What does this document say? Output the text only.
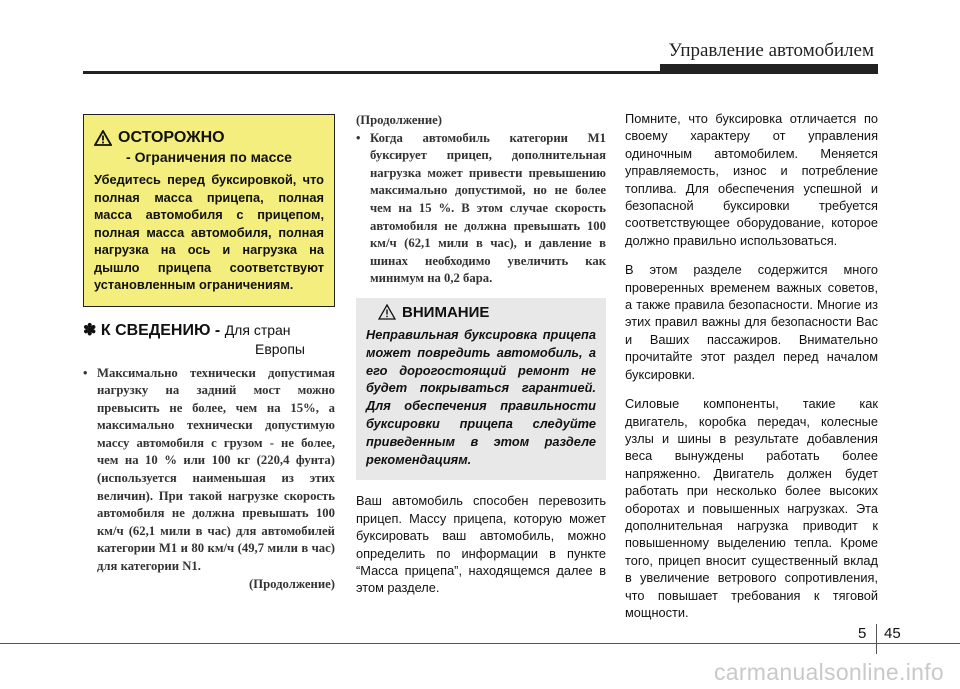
Управление автомобилем
ОСТОРОЖНО
- Ограничения по массе
Убедитесь перед буксировкой, что полная масса прицепа, полная масса автомобиля с прицепом, полная масса автомобиля, полная нагрузка на ось и нагрузка на дышло прицепа соответствуют установленным ограничениям.
✽ К СВЕДЕНИЮ - Для стран
Европы
• Максимально технически допустимая нагрузку на задний мост можно превысить не более, чем на 15%, а максимально технически допустимую массу автомобиля с грузом - не более, чем на 10 % или 100 кг (220,4 фунта) (используется наименьшая из этих величин). При такой нагрузке скорость автомобиля не должна превышать 100 км/ч (62,1 мили в час) для автомобилей категории M1 и 80 км/ч (49,7 мили в час) для категории N1.
(Продолжение)
(Продолжение)
• Когда автомобиль категории M1 буксирует прицеп, дополнительная нагрузка может привести превышению максимально допустимой, но не более чем на 15 %. В этом случае скорость автомобиля не должна превышать 100 км/ч (62,1 мили в час), и давление в шинах необходимо увеличить как минимум на 0,2 бара.
ВНИМАНИЕ
Неправильная буксировка прицепа может повредить автомобиль, а его дорогостоящий ремонт не будет покрываться гарантией. Для обеспечения правильности буксировки прицепа следуйте приведенным в этом разделе рекомендациям.
Ваш автомобиль способен перевозить прицеп. Массу прицепа, которую может буксировать ваш автомобиль, можно определить по информации в пункте “Масса прицепа”, находящемся далее в этом разделе.
Помните, что буксировка отличается по своему характеру от управления одиночным автомобилем. Меняется управляемость, износ и потребление топлива. Для обеспечения успешной и безопасной буксировки требуется соответствующее оборудование, которое должно правильно использоваться.
В этом разделе содержится много проверенных временем важных советов, а также правила безопасности. Многие из этих правил важны для безопасности Вас и Ваших пассажиров. Внимательно прочитайте этот раздел перед началом буксировки.
Силовые компоненты, такие как двигатель, коробка передач, колесные узлы и шины в результате добавления веса вынуждены работать более напряженно. Двигатель должен будет работать при несколько более высоких оборотах и повышенных нагрузках. Эта дополнительная нагрузка приводит к повышенному выделению тепла. Кроме того, прицеп вносит существенный вклад в увеличение ветрового сопротивления, что повышает требования к тяговой мощности.
5 45
carmanualsonline.info
